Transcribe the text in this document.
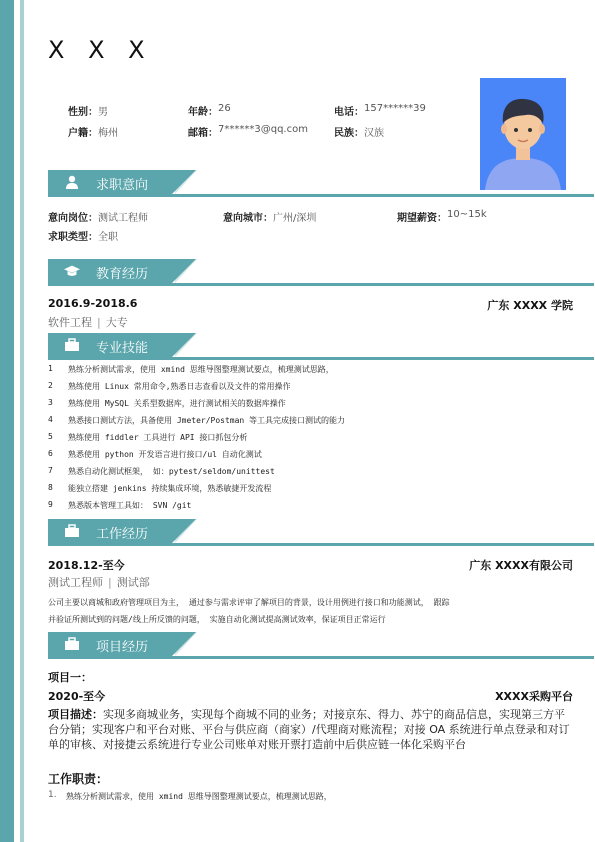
X X X
性别： 男	年龄： 26	电话： 157******39
户籍： 梅州	邮箱： 7******3@qq.com	民族： 汉族
求职意向
意向岗位： 测试工程师	意向城市： 广州/深圳	期望薪资： 10~15k
求职类型： 全职
教育经历
2016.9-2018.6	广东 XXXX 学院
软件工程 | 大专
专业技能
1 熟练分析测试需求，使用 xmind 思维导图整理测试要点，梳理测试思路，
2 熟练使用 Linux 常用命令,熟悉日志查看以及文件的常用操作
3 熟练使用 MySQL 关系型数据库，进行测试相关的数据库操作
4 熟悉接口测试方法，具备使用 Jmeter/Postman 等工具完成接口测试的能力
5 熟练使用 fiddler 工具进行 API 接口抓包分析
6 熟悉使用 python 开发语言进行接口/ul 自动化测试
7 熟悉自动化测试框架， 如：pytest/seldom/unittest
8 能独立搭建 jenkins 持续集成环境，熟悉敏捷开发流程
9 熟悉版本管理工具如： SVN /git
工作经历
2018.12-至今	广东 XXXX有限公司
测试工程师 | 测试部
公司主要以商城和政府管理项目为主， 通过参与需求评审了解项目的背景，设计用例进行接口和功能测试， 跟踪
并验证所测试到的问题/线上所反馈的问题， 实施自动化测试提高测试效率，保证项目正常运行
项目经历
项目一：
2020-至今	XXXX采购平台
项目描述：实现多商城业务，实现每个商城不同的业务；对接京东、得力、苏宁的商品信息，实现第三方平台分销；实现客户和平台对账、平台与供应商（商家）/代理商对账流程；对接 OA 系统进行单点登录和对订单的审核、对接捷云系统进行专业公司账单对账开票打造前中后供应链一体化采购平台
工作职责：
1. 熟练分析测试需求，使用 xmind 思维导图整理测试要点，梳理测试思路，
